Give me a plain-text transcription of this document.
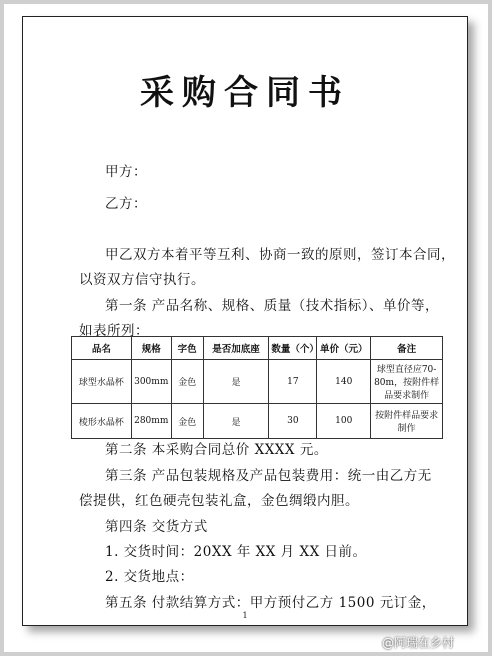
采购合同书
甲方：
乙方：
甲乙双方本着平等互利、协商一致的原则，签订本合同，
以资双方信守执行。
第一条 产品名称、规格、质量（技术指标）、单价等，
如表所列：
品名	规格	字色	是否加底座	数量（个）	单价（元）	备注
球型水晶杯	300mm	金色	是	17	140	球型直径应70-80m，按附件样品要求制作
棱形水晶杯	280mm	金色	是	30	100	按附件样品要求制作
第二条 本采购合同总价 XXXX 元。
第三条 产品包装规格及产品包装费用：统一由乙方无
偿提供，红色硬壳包装礼盒，金色绸缎内胆。
第四条 交货方式
1. 交货时间：20XX 年 XX 月 XX 日前。
2. 交货地点：
第五条 付款结算方式：甲方预付乙方 1500 元订金，
1
@阿瑞在乡村
